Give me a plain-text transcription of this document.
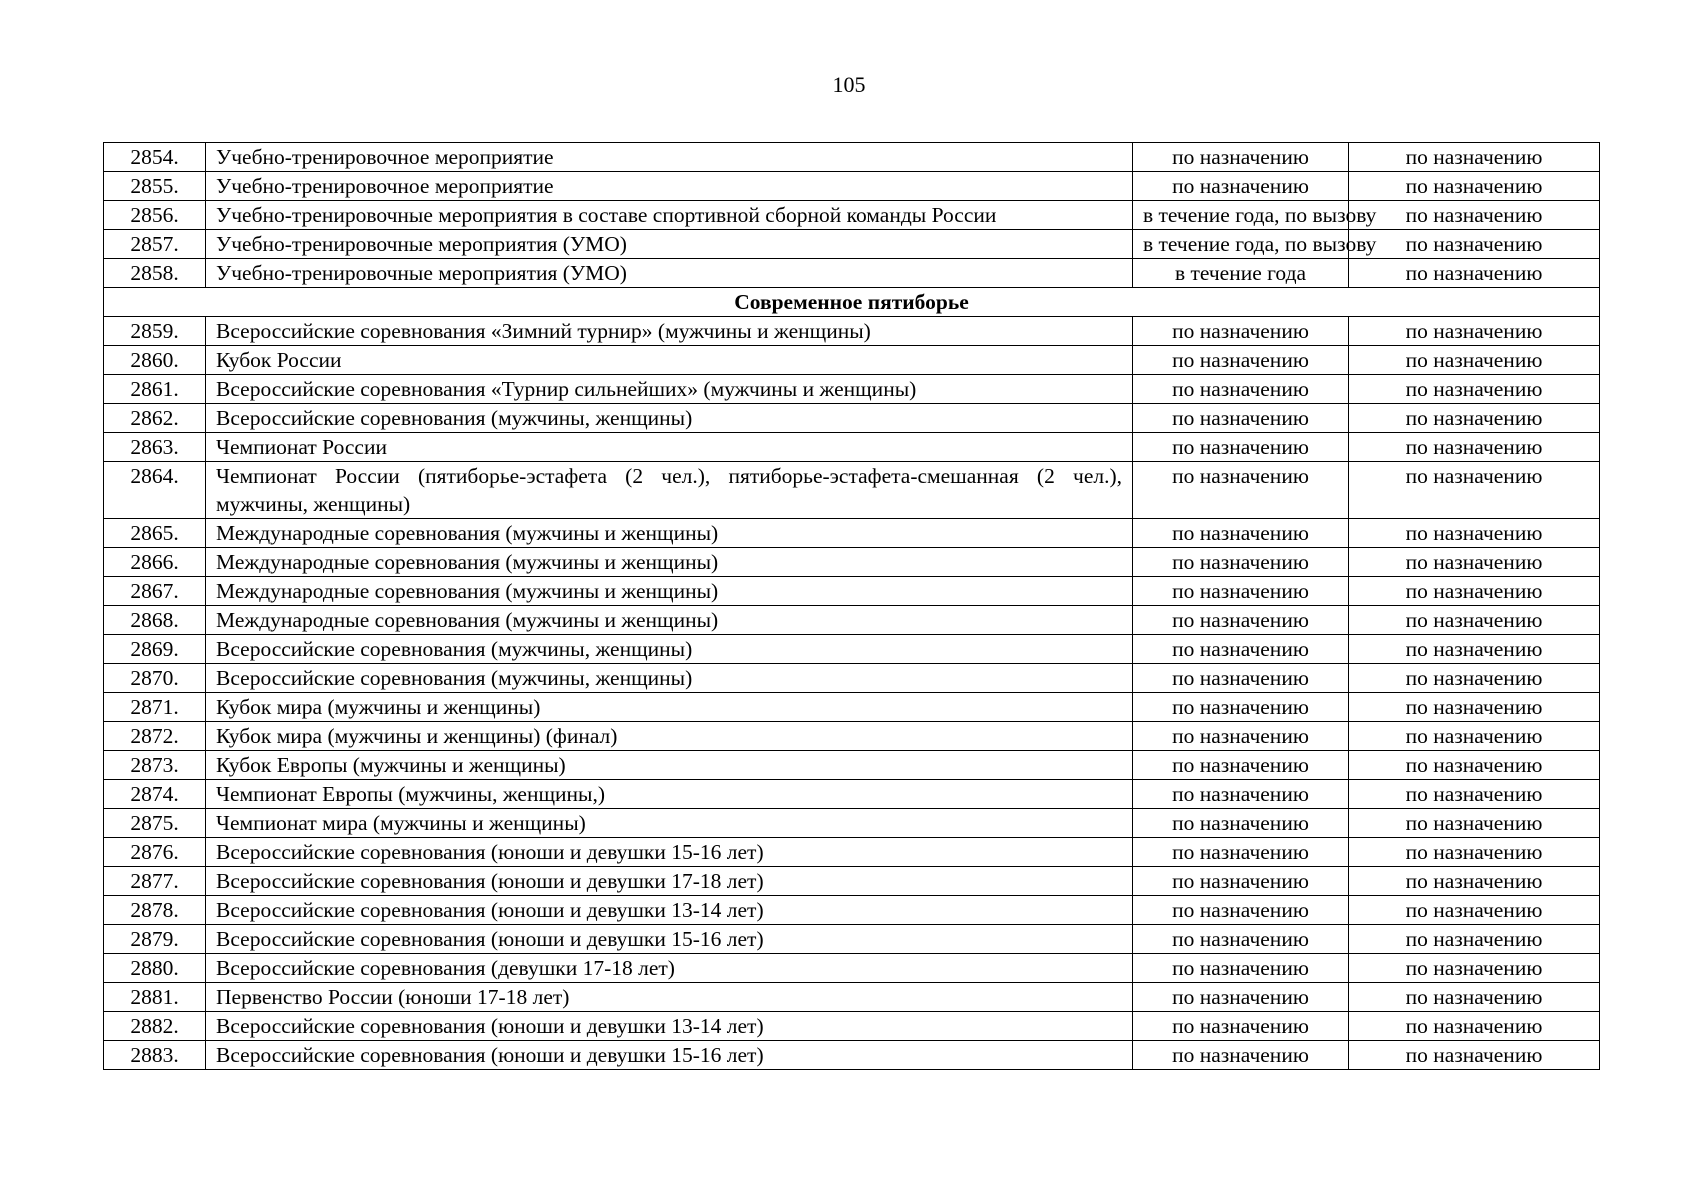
105
2854.	Учебно-тренировочное мероприятие	по назначению	по назначению
2855.	Учебно-тренировочное мероприятие	по назначению	по назначению
2856.	Учебно-тренировочные мероприятия в составе спортивной сборной команды России	в течение года, по вызову	по назначению
2857.	Учебно-тренировочные мероприятия (УМО)	в течение года, по вызову	по назначению
2858.	Учебно-тренировочные мероприятия (УМО)	в течение года	по назначению
Современное пятиборье			
2859.	Всероссийские соревнования «Зимний турнир» (мужчины и женщины)	по назначению	по назначению
2860.	Кубок России	по назначению	по назначению
2861.	Всероссийские соревнования «Турнир сильнейших» (мужчины и женщины)	по назначению	по назначению
2862.	Всероссийские соревнования (мужчины, женщины)	по назначению	по назначению
2863.	Чемпионат России	по назначению	по назначению
2864.	Чемпионат России (пятиборье-эстафета (2 чел.), пятиборье-эстафета-смешанная (2 чел.), мужчины, женщины)	по назначению	по назначению
2865.	Международные соревнования (мужчины и женщины)	по назначению	по назначению
2866.	Международные соревнования (мужчины и женщины)	по назначению	по назначению
2867.	Международные соревнования (мужчины и женщины)	по назначению	по назначению
2868.	Международные соревнования (мужчины и женщины)	по назначению	по назначению
2869.	Всероссийские соревнования (мужчины, женщины)	по назначению	по назначению
2870.	Всероссийские соревнования (мужчины, женщины)	по назначению	по назначению
2871.	Кубок мира (мужчины и женщины)	по назначению	по назначению
2872.	Кубок мира (мужчины и женщины) (финал)	по назначению	по назначению
2873.	Кубок Европы (мужчины и женщины)	по назначению	по назначению
2874.	Чемпионат Европы (мужчины, женщины,)	по назначению	по назначению
2875.	Чемпионат мира (мужчины и женщины)	по назначению	по назначению
2876.	Всероссийские соревнования (юноши и девушки 15-16 лет)	по назначению	по назначению
2877.	Всероссийские соревнования (юноши и девушки 17-18 лет)	по назначению	по назначению
2878.	Всероссийские соревнования (юноши и девушки 13-14 лет)	по назначению	по назначению
2879.	Всероссийские соревнования (юноши и девушки 15-16 лет)	по назначению	по назначению
2880.	Всероссийские соревнования (девушки 17-18 лет)	по назначению	по назначению
2881.	Первенство России (юноши 17-18 лет)	по назначению	по назначению
2882.	Всероссийские соревнования (юноши и девушки 13-14 лет)	по назначению	по назначению
2883.	Всероссийские соревнования (юноши и девушки 15-16 лет)	по назначению	по назначению
